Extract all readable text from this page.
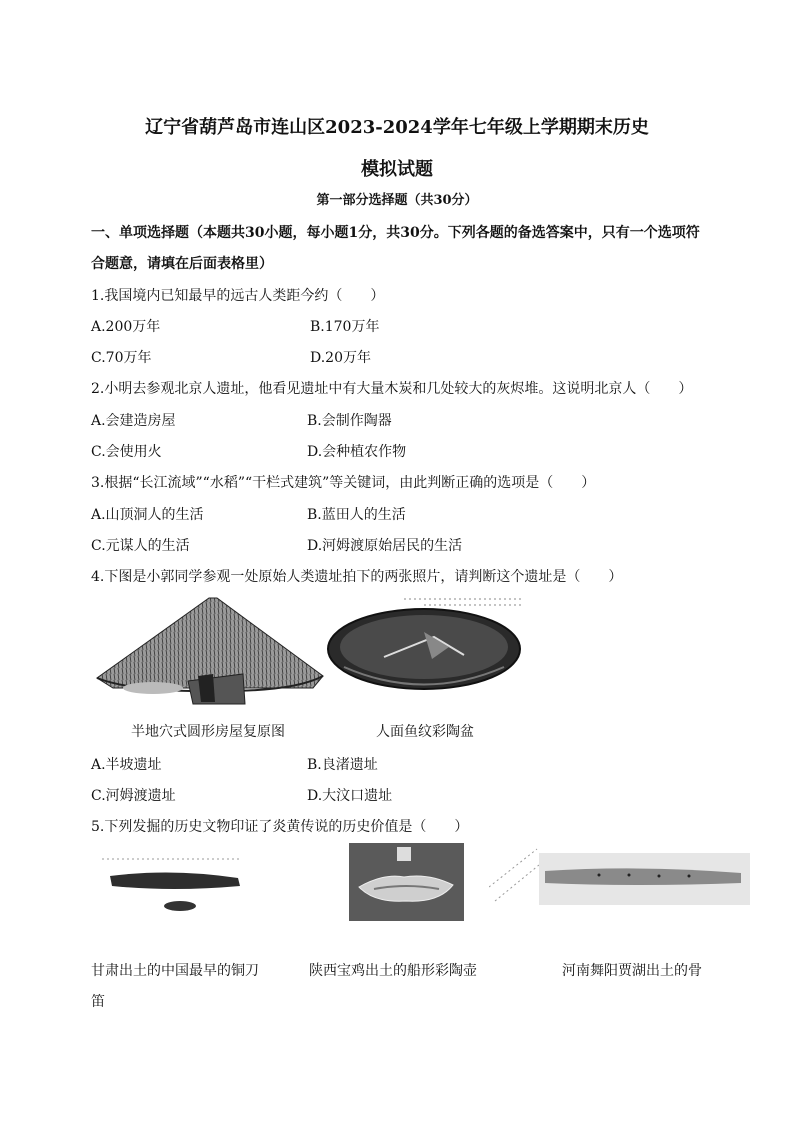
辽宁省葫芦岛市连山区2023-2024学年七年级上学期期末历史
模拟试题
第一部分选择题（共30分）
一、单项选择题（本题共30小题，每小题1分，共30分。下列各题的备选答案中，只有一个选项符
合题意，请填在后面表格里）
1.我国境内已知最早的远古人类距今约（　　）
A.200万年	B.170万年
C.70万年	D.20万年
2.小明去参观北京人遗址，他看见遗址中有大量木炭和几处较大的灰烬堆。这说明北京人（　　）
A.会建造房屋	B.会制作陶器
C.会使用火	D.会种植农作物
3.根据“长江流域”“水稻”“干栏式建筑”等关键词，由此判断正确的选项是（　　）
A.山顶洞人的生活	B.蓝田人的生活
C.元谋人的生活	D.河姆渡原始居民的生活
4.下图是小郭同学参观一处原始人类遗址拍下的两张照片，请判断这个遗址是（　　）
半地穴式圆形房屋复原图	人面鱼纹彩陶盆
A.半坡遗址	B.良渚遗址
C.河姆渡遗址	D.大汶口遗址
5.下列发掘的历史文物印证了炎黄传说的历史价值是（　　）
甘肃出土的中国最早的铜刀	陕西宝鸡出土的船形彩陶壶	河南舞阳贾湖出土的骨
笛
